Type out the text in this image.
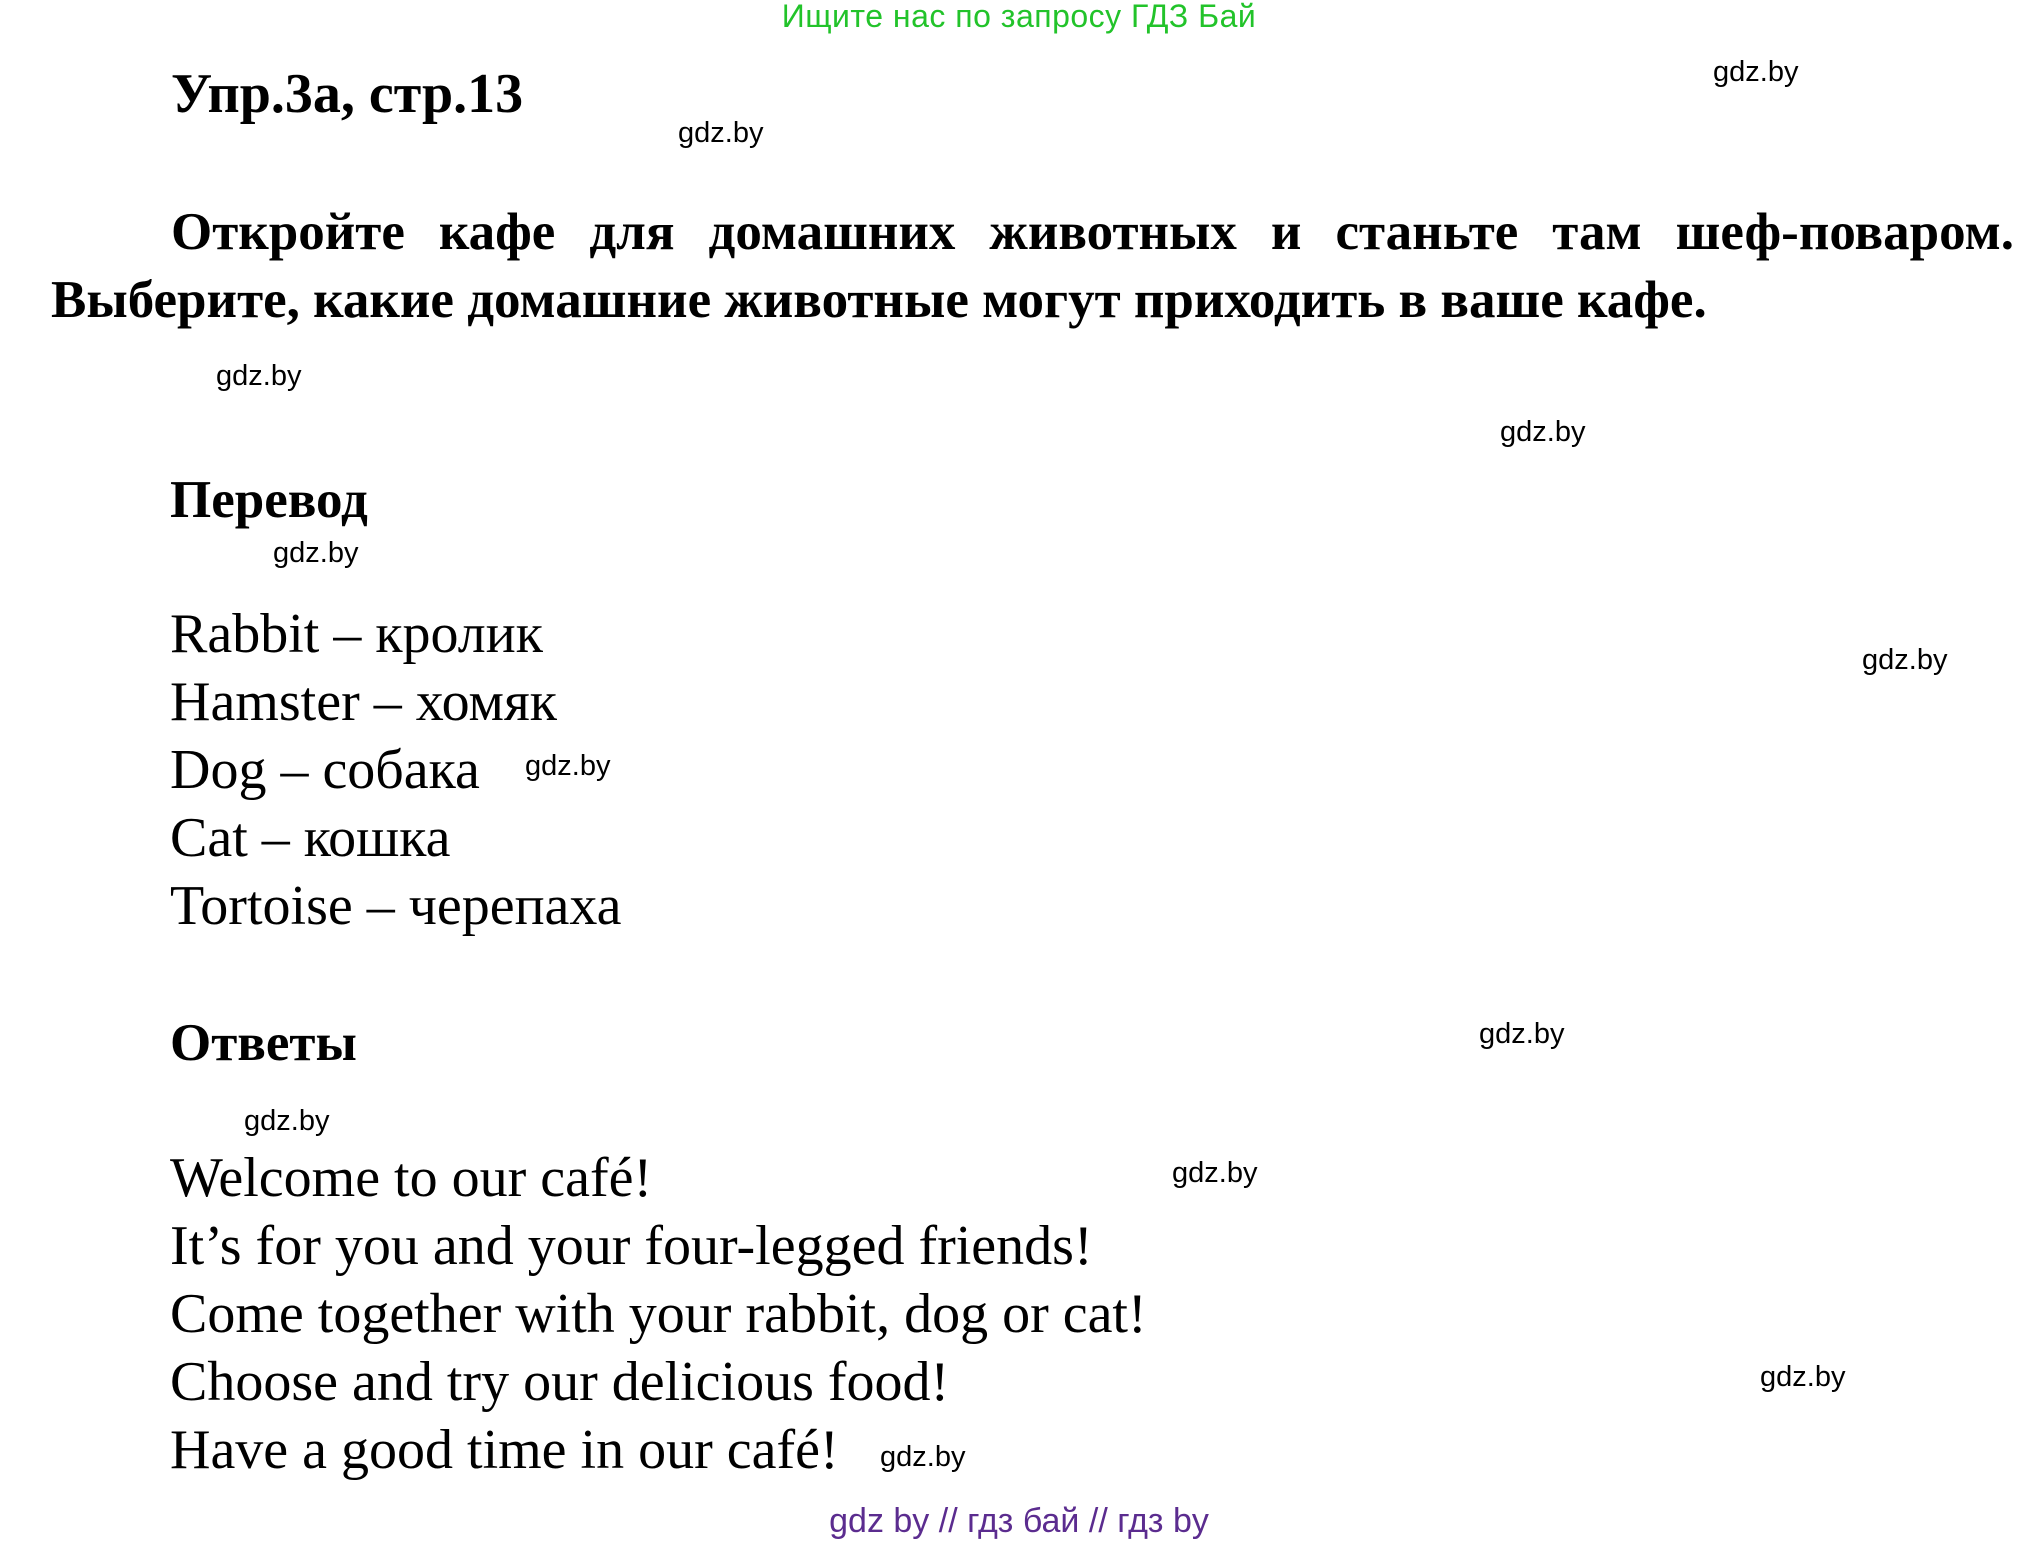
Ищите нас по запросу ГДЗ Бай
Упр.3а, стр.13
Откройте кафе для домашних животных и станьте там шеф-поваром. Выберите, какие домашние животные могут приходить в ваше кафе.
Перевод
Rabbit – кролик
Hamster – хомяк
Dog – собака
Cat – кошка
Tortoise – черепаха
Ответы
Welcome to our café!
It’s for you and your four-legged friends!
Come together with your rabbit, dog or cat!
Choose and try our delicious food!
Have a good time in our café!
gdz.by
gdz.by
gdz.by
gdz.by
gdz.by
gdz.by
gdz.by
gdz.by
gdz.by
gdz.by
gdz.by
gdz.by
gdz by // гдз бай // гдз by
